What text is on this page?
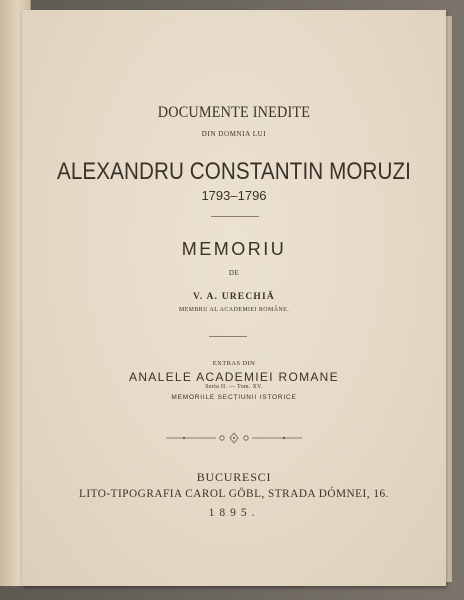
DOCUMENTE INEDITE
DIN DOMNIA LUI
ALEXANDRU CONSTANTIN MORUZI
1793–1796
MEMORIU
DE
V. A. URECHIĂ
MEMBRU AL ACADEMIEI ROMÂNE.
EXTRAS DIN
ANALELE ACADEMIEI ROMANE
Seria II. — Tom. XV.
MEMORIILE SECȚIUNII ISTORICE
BUCURESCI
LITO-TIPOGRAFIA CAROL GÖBL, STRADA DÓMNEI, 16.
1895.
